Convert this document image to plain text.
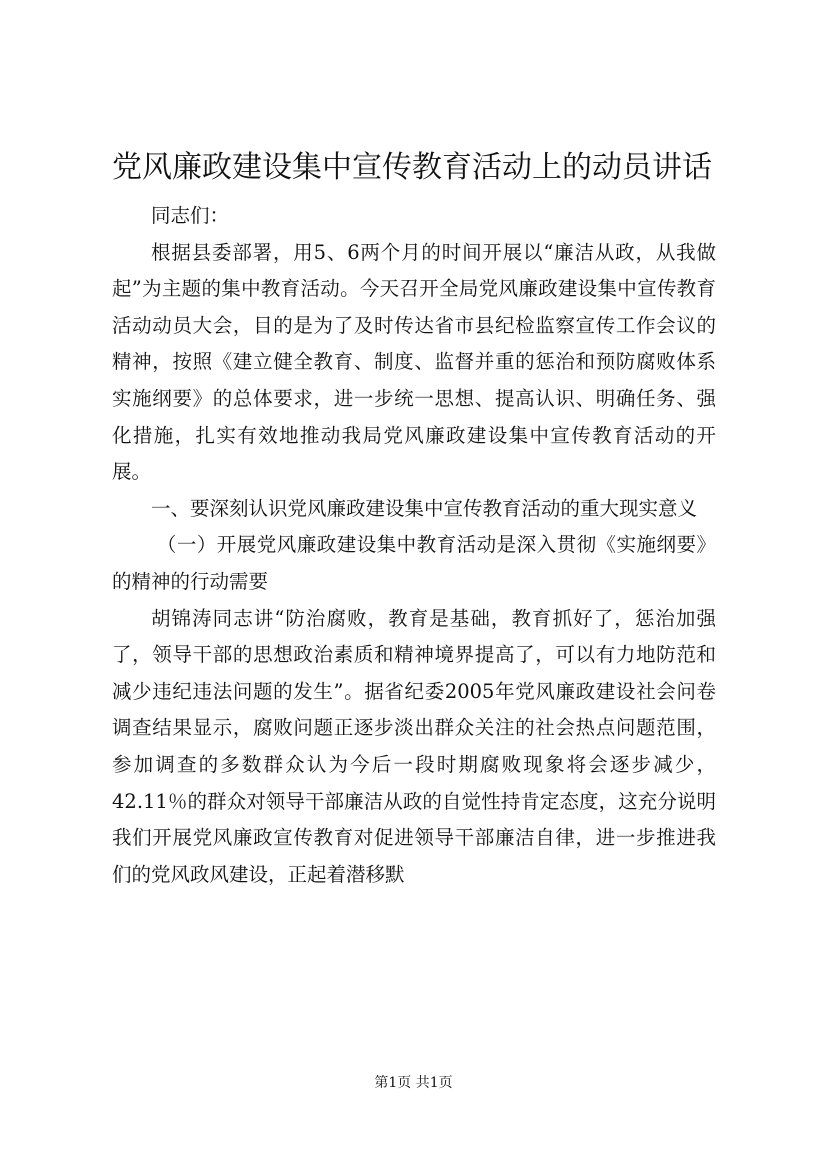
党风廉政建设集中宣传教育活动上的动员讲话

同志们：

根据县委部署，用5、6两个月的时间开展以“廉洁从政，从我做起”为主题的集中教育活动。今天召开全局党风廉政建设集中宣传教育活动动员大会，目的是为了及时传达省市县纪检监察宣传工作会议的精神，按照《建立健全教育、制度、监督并重的惩治和预防腐败体系实施纲要》的总体要求，进一步统一思想、提高认识、明确任务、强化措施，扎实有效地推动我局党风廉政建设集中宣传教育活动的开展。

一、要深刻认识党风廉政建设集中宣传教育活动的重大现实意义

（一）开展党风廉政建设集中教育活动是深入贯彻《实施纲要》的精神的行动需要

胡锦涛同志讲“防治腐败，教育是基础，教育抓好了，惩治加强了，领导干部的思想政治素质和精神境界提高了，可以有力地防范和减少违纪违法问题的发生”。据省纪委2005年党风廉政建设社会问卷调查结果显示，腐败问题正逐步淡出群众关注的社会热点问题范围，参加调查的多数群众认为今后一段时期腐败现象将会逐步减少，42.11％的群众对领导干部廉洁从政的自觉性持肯定态度，这充分说明我们开展党风廉政宣传教育对促进领导干部廉洁自律，进一步推进我们的党风政风建设，正起着潜移默

第1页 共1页
